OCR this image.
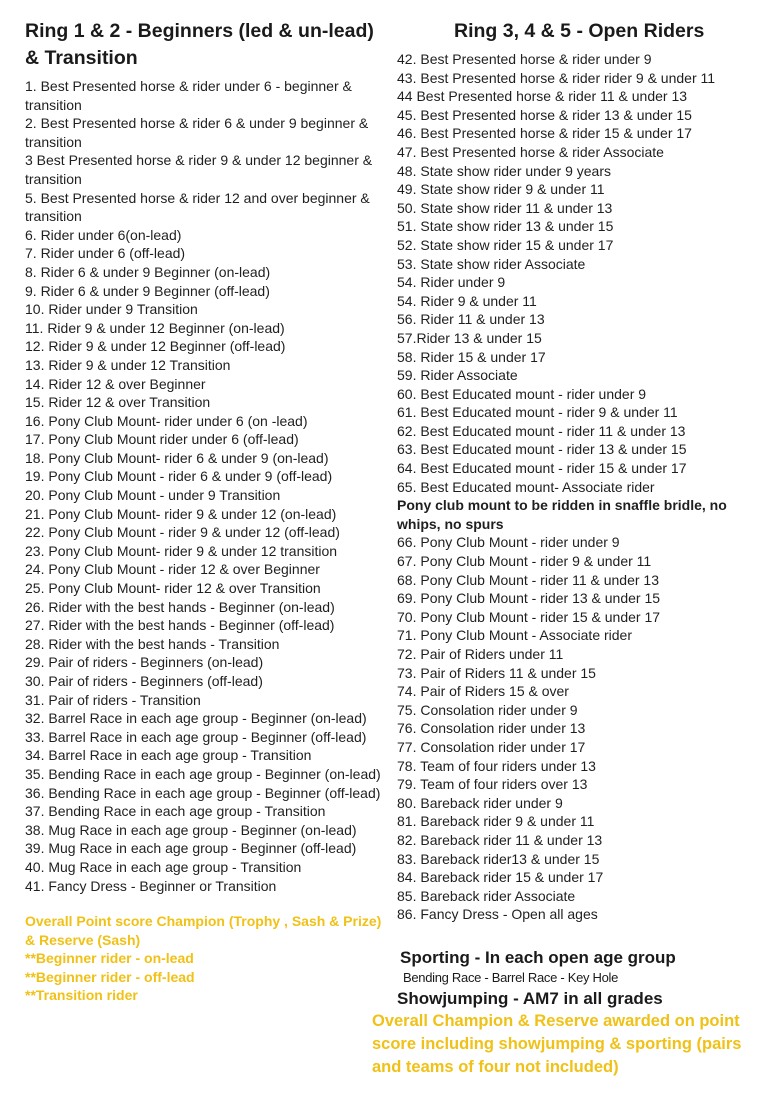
Ring 1 & 2 - Beginners (led & un-lead) & Transition
1. Best Presented horse & rider under 6 - beginner & transition
2. Best Presented horse & rider 6 & under 9 beginner & transition
3 Best Presented horse & rider 9 & under 12 beginner & transition
5. Best Presented horse & rider 12 and over beginner & transition
6. Rider under 6(on-lead)
7. Rider under 6 (off-lead)
8. Rider 6 & under 9 Beginner (on-lead)
9. Rider 6 & under 9 Beginner (off-lead)
10. Rider under 9 Transition
11. Rider 9 & under 12 Beginner (on-lead)
12. Rider 9 & under 12 Beginner (off-lead)
13. Rider 9 & under 12 Transition
14. Rider 12 & over Beginner
15. Rider 12 & over Transition
16. Pony Club Mount- rider under 6 (on -lead)
17. Pony Club Mount rider under 6 (off-lead)
18. Pony Club Mount- rider 6 & under 9 (on-lead)
19. Pony Club Mount - rider 6 & under 9 (off-lead)
20. Pony Club Mount - under 9 Transition
21. Pony Club Mount- rider 9 & under 12 (on-lead)
22. Pony Club Mount - rider 9 & under 12 (off-lead)
23. Pony Club Mount- rider 9 & under 12 transition
24. Pony Club Mount - rider 12 & over Beginner
25. Pony Club Mount- rider 12 & over Transition
26. Rider with the best hands - Beginner (on-lead)
27. Rider with the best hands - Beginner (off-lead)
28. Rider with the best hands - Transition
29. Pair of riders - Beginners (on-lead)
30. Pair of riders - Beginners (off-lead)
31. Pair of riders - Transition
32. Barrel Race in each age group - Beginner (on-lead)
33. Barrel Race in each age group - Beginner (off-lead)
34. Barrel Race in each age group - Transition
35. Bending Race in each age group - Beginner (on-lead)
36. Bending Race in each age group - Beginner (off-lead)
37. Bending Race in each age group - Transition
38. Mug Race in each age group - Beginner (on-lead)
39. Mug Race in each age group - Beginner (off-lead)
40. Mug Race in each age group - Transition
41. Fancy Dress - Beginner or Transition
Overall Point score Champion (Trophy , Sash & Prize) & Reserve (Sash)
**Beginner rider - on-lead
**Beginner rider - off-lead
**Transition rider
Ring 3, 4 & 5 - Open Riders
42. Best Presented horse & rider under 9
43. Best Presented horse & rider rider 9 & under 11
44 Best Presented horse & rider 11 & under 13
45. Best Presented horse & rider 13 & under 15
46. Best Presented horse & rider 15 & under 17
47. Best Presented horse & rider Associate
48. State show rider under 9 years
49. State show rider 9 & under 11
50. State show rider 11 & under 13
51. State show rider 13 & under 15
52. State show rider 15 & under 17
53. State show rider Associate
54. Rider under 9
54. Rider 9 & under 11
56. Rider 11 & under 13
57.Rider 13 & under 15
58. Rider 15 & under 17
59. Rider Associate
60. Best Educated mount - rider under 9
61. Best Educated mount - rider 9 & under 11
62. Best Educated mount - rider 11 & under 13
63. Best Educated mount - rider 13 & under 15
64. Best Educated mount - rider 15 & under 17
65. Best Educated mount- Associate rider

Pony club mount to be ridden in snaffle bridle, no whips, no spurs

66. Pony Club Mount - rider under 9
67. Pony Club Mount - rider 9 & under 11
68. Pony Club Mount - rider 11 & under 13
69. Pony Club Mount - rider 13 & under 15
70. Pony Club Mount - rider 15 & under 17
71. Pony Club Mount - Associate rider
72. Pair of Riders under 11
73. Pair of Riders 11 & under 15
74. Pair of Riders 15 & over
75. Consolation rider under 9
76. Consolation rider under 13
77. Consolation rider under 17
78. Team of four riders under 13
79. Team of four riders over 13
80. Bareback rider under 9
81. Bareback rider 9 & under 11
82. Bareback rider 11 & under 13
83. Bareback rider13 & under 15
84. Bareback rider 15 & under 17
85. Bareback rider Associate
86. Fancy Dress - Open all ages
Sporting - In each open age group
Bending Race - Barrel Race - Key Hole
Showjumping - AM7 in all grades
Overall Champion & Reserve awarded on point score including showjumping & sporting (pairs and teams of four not included)
